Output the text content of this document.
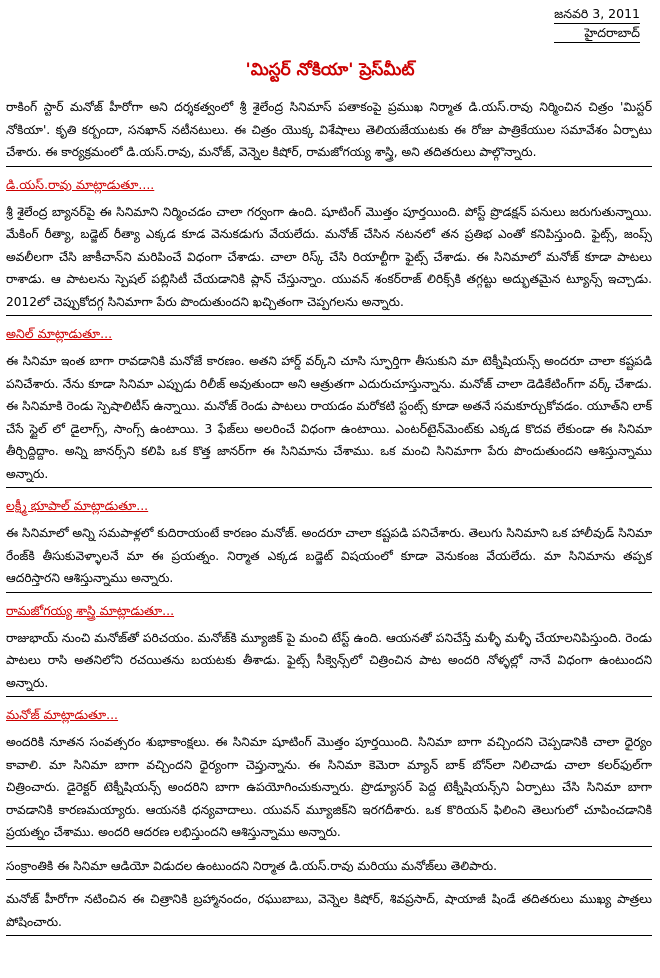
జనవరి 3, 2011
హైదరాబాద్
'మిస్టర్ నోకియా' ప్రెస్‌మీట్

రాకింగ్ స్టార్ మనోజ్ హీరోగా అని దర్శకత్వంలో శ్రీ శైలేంద్ర సినిమాస్ పతాకంపై ప్రముఖ నిర్మాత డి.యస్.రావు నిర్మించిన చిత్రం 'మిస్టర్ నోకియా'. కృతి కర్బందా, సనఖాన్ నటీనటులు. ఈ చిత్రం యొక్క విశేషాలు తెలియజేయుటకు ఈ రోజు పాత్రికేయుల సమావేశం ఏర్పాటు చేశారు. ఈ కార్యక్రమంలో డి.యస్.రావు, మనోజ్, వెన్నెల కిషోర్, రామజోగయ్య శాస్త్రి, అని తదితరులు పాల్గొన్నారు.

డి.యస్.రావు మాట్లాడుతూ....

శ్రీ శైలేంద్ర బ్యానర్‌పై ఈ సినిమాని నిర్మించడం చాలా గర్వంగా ఉంది. షూటింగ్ మొత్తం పూర్తయింది. పోస్ట్ ప్రొడక్షన్ పనులు జరుగుతున్నాయి. మేకింగ్ రీత్యా, బడ్జెట్ రీత్యా ఎక్కడ కూడ వెనుకడుగు వేయలేదు. మనోజ్ చేసిన నటనలో తన ప్రతిభ ఎంతో కనిపిస్తుంది. ఫైట్స్, జంప్స్ అవలీలగా చేసి జాకీచాన్‌ని మరిపించే విధంగా చేశాడు. చాలా రిస్క్ చేసి రియాల్టీగా ఫైట్స్ చేశాడు. ఈ సినిమాలో మనోజ్ కూడా పాటలు రాశాడు. ఆ పాటలను స్పెషల్ పబ్లిసిటీ చేయడానికి ప్లాన్ చేస్తున్నాం. యువన్ శంకర్‌రాజ్ లిరిక్స్‌కి తగ్గట్టు అద్భుతమైన ట్యూన్స్ ఇచ్చాడు. 2012లో చెప్పుకోదగ్గ సినిమాగా పేరు పొందుతుందని ఖచ్చితంగా చెప్పగలను అన్నారు.

అనిల్ మాట్లాడుతూ...

ఈ సినిమా ఇంత బాగా రావడానికి మనోజే కారణం. అతని హార్డ్ వర్క్‌ని చూసి స్ఫూర్తిగా తీసుకుని మా టెక్నీషియన్స్ అందరూ చాలా కష్టపడి పనిచేశారు. నేను కూడా సినిమా ఎప్పుడు రిలీజ్ అవుతుందా అని ఆత్రుతగా ఎదురుచూస్తున్నాను. మనోజ్ చాలా డెడికేటింగ్‌గా వర్క్ చేశాడు. ఈ సినిమాకి రెండు స్పెషాలిటీస్ ఉన్నాయి. మనోజ్ రెండు పాటలు రాయడం మరోకటి స్టంట్స్ కూడా అతనే సమకూర్చుకోవడం. యూత్‌ని లాక్ చేసే స్టైల్ లో డైలాగ్స్, సాంగ్స్ ఉంటాయి. 3 ఫేజ్‌లు అలరించే విధంగా ఉంటాయి. ఎంటర్‌టైన్‌మెంట్‌కు ఎక్కడ కొదవ లేకుండా ఈ సినిమా తీర్చిద్దిద్దాం. అన్ని జానర్స్‌ని కలిపి ఒక కొత్త జానర్‌గా ఈ సినిమాను చేశాము. ఒక మంచి సినిమాగా పేరు పొందుతుందని ఆశిస్తున్నాము అన్నారు.

లక్ష్మీ భూపాల్ మాట్లాడుతూ...

ఈ సినిమాలో అన్ని సమపాళ్లలో కుదిరాయంటే కారణం మనోజ్. అందరూ చాలా కష్టపడి పనిచేశారు. తెలుగు సినిమాని ఒక హాలీవుడ్ సినిమా రేంజ్‌కి తీసుకువెళ్ళాలనే మా ఈ ప్రయత్నం. నిర్మాత ఎక్కడ బడ్జెట్ విషయంలో కూడా వెనుకంజ వేయలేదు. మా సినిమాను తప్పక ఆదరిస్తారని ఆశిస్తున్నాము అన్నారు.

రామజోగయ్య శాస్త్రి మాట్లాడుతూ...

రాజుభాయ్ నుంచి మనోజ్‌తో పరిచయం. మనోజ్‌కి మ్యూజిక్ పై మంచి టేస్ట్ ఉంది. ఆయనతో పనిచేస్తే మళ్ళీ మళ్ళీ చేయాలనిపిస్తుంది. రెండు పాటలు రాసి అతనిలోని రచయితను బయటకు తీశాడు. ఫైట్స్ సీక్వెన్స్‌లో చిత్రించిన పాట అందరి నోళ్ళల్లో నానే విధంగా ఉంటుందని అన్నారు.

మనోజ్ మాట్లాడుతూ...

అందరికి నూతన సంవత్సరం శుభాకాంక్షలు. ఈ సినిమా షూటింగ్ మొత్తం పూర్తయింది. సినిమా బాగా వచ్చిందని చెప్పడానికి చాలా ధైర్యం కావాలి. మా సినిమా బాగా వచ్చిందని ధైర్యంగా చెప్తున్నాను. ఈ సినిమా కెమెరా మ్యాన్ బాక్ బోన్‌లా నిలిచాడు చాలా కలర్‌ఫుల్‌గా చిత్రించారు. డైరెక్టర్ టెక్నీషియన్స్ అందరిని బాగా ఉపయోగించుకున్నారు. ప్రొడ్యూసర్ పెద్ద టెక్నీషియన్స్‌ని ఏర్పాటు చేసి సినిమా బాగా రావడానికి కారణమయ్యారు. ఆయనకి ధన్యవాదాలు. యువన్ మ్యూజిక్‌ని ఇరగదీశారు. ఒక కొరియన్ ఫిలింని తెలుగులో చూపించడానికి ప్రయత్నం చేశాము. అందరి ఆదరణ లభిస్తుందని ఆశిస్తున్నాము అన్నారు.

సంక్రాంతికి ఈ సినిమా ఆడియో విడుదల ఉంటుందని నిర్మాత డి.యస్.రావు మరియు మనోజ్‌లు తెలిపారు.

మనోజ్ హీరోగా నటించిన ఈ చిత్రానికి బ్రహ్మానందం, రఘుబాబు, వెన్నెల కిషోర్, శివప్రసాద్, షాయాజీ షిండే తదితరులు ముఖ్య పాత్రలు పోషించారు.
